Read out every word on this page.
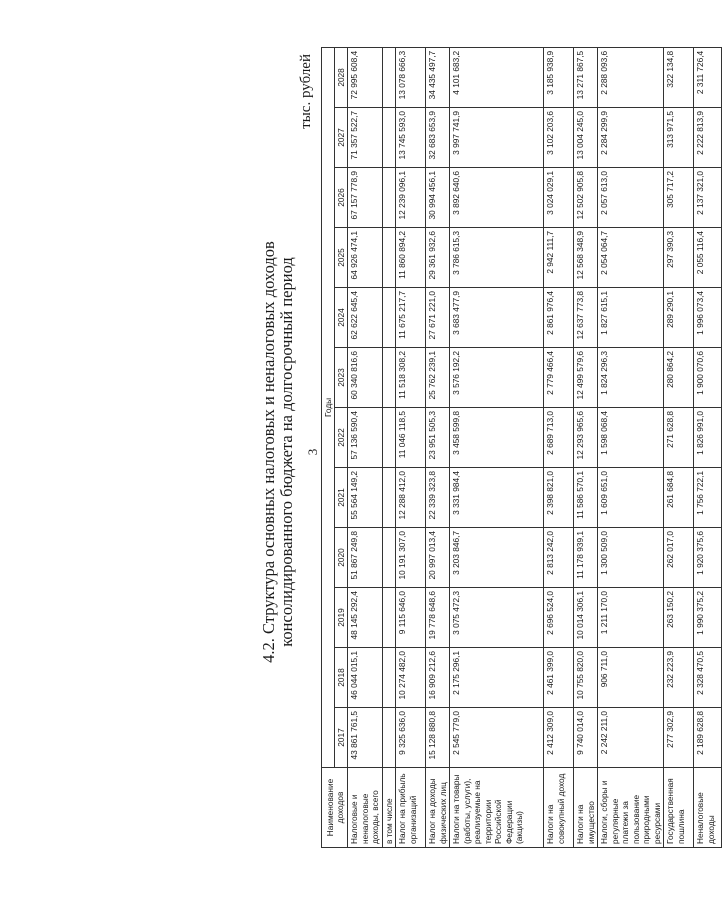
3
4.2. Структура основных налоговых и неналоговых доходов консолидированного бюджета на долгосрочный период
тыс. рублей
Наименование доходов	Годы											
	2017	2018	2019	2020	2021	2022	2023	2024	2025	2026	2027	2028
Налоговые и неналоговые доходы, всего	43 861 761,5	46 044 015,1	48 145 292,4	51 867 249,8	55 564 149,2	57 136 590,4	60 340 816,6	62 622 645,4	64 926 474,1	67 157 778,9	71 357 522,7	72 995 608,4
в том числе												
Налог на прибыль организаций	9 325 636,0	10 274 482,0	9 115 646,0	10 191 307,0	12 288 412,0	11 046 118,5	11 518 308,2	11 675 217,7	11 860 894,2	12 239 096,1	13 745 593,0	13 078 666,3
Налог на доходы физических лиц	15 128 880,8	16 909 212,6	19 778 648,6	20 997 013,4	22 339 323,8	23 951 505,3	25 762 239,1	27 671 221,0	29 361 932,6	30 994 456,1	32 683 653,9	34 435 497,7
Налоги на товары (работы, услуги), реализуемые на территории Российской Федерации (акцизы)	2 545 779,0	2 175 296,1	3 075 472,3	3 203 846,7	3 331 984,4	3 458 599,8	3 576 192,2	3 683 477,9	3 786 615,3	3 892 640,6	3 997 741,9	4 101 683,2
Налоги на совокупный доход	2 412 309,0	2 461 399,0	2 696 524,0	2 813 242,0	2 398 821,0	2 689 713,0	2 779 466,4	2 861 976,4	2 942 111,7	3 024 029,1	3 102 203,6	3 185 938,9
Налоги на имущество	9 740 014,0	10 755 820,0	10 014 306,1	11 178 939,1	11 586 570,1	12 293 965,6	12 499 579,6	12 637 773,8	12 568 348,9	12 502 905,8	13 004 245,0	13 271 867,5
Налоги, сборы и регулярные платежи за пользование природными ресурсами	2 242 211,0	906 711,0	1 211 170,0	1 300 509,0	1 609 651,0	1 598 068,4	1 824 296,3	1 827 615,1	2 054 064,7	2 057 613,0	2 284 299,9	2 288 093,6
Государственная пошлина	277 302,9	232 223,9	263 150,2	262 017,0	261 684,8	271 628,8	280 864,2	289 290,1	297 390,3	305 717,2	313 971,5	322 134,8
Неналоговые доходы	2 189 628,8	2 328 470,5	1 990 375,2	1 920 375,6	1 756 722,1	1 826 991,0	1 900 070,6	1 996 073,4	2 055 116,4	2 137 321,0	2 222 813,9	2 311 726,4
